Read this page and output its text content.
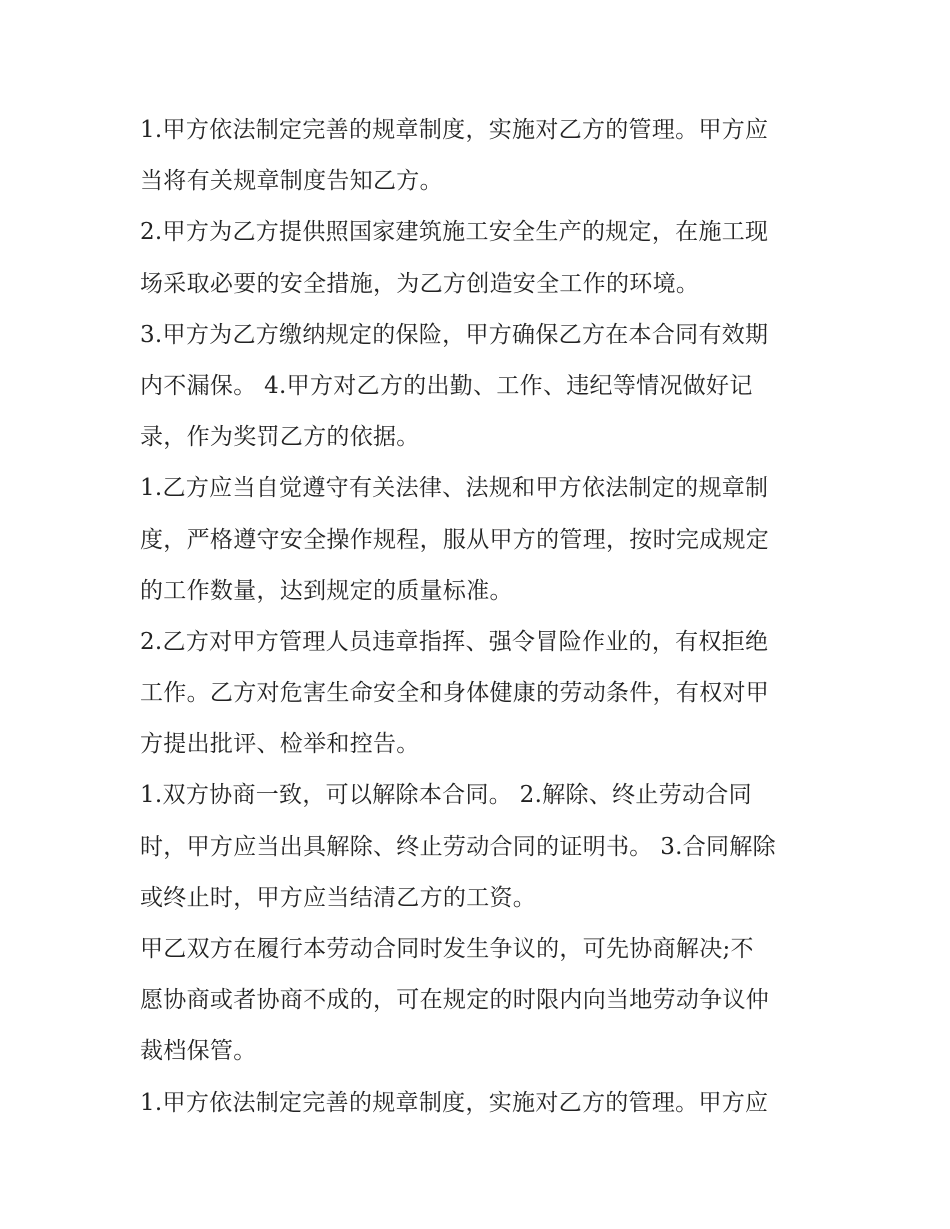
1.甲方依法制定完善的规章制度，实施对乙方的管理。甲方应
当将有关规章制度告知乙方。
2.甲方为乙方提供照国家建筑施工安全生产的规定，在施工现
场采取必要的安全措施，为乙方创造安全工作的环境。
3.甲方为乙方缴纳规定的保险，甲方确保乙方在本合同有效期
内不漏保。 4.甲方对乙方的出勤、工作、违纪等情况做好记
录，作为奖罚乙方的依据。
1.乙方应当自觉遵守有关法律、法规和甲方依法制定的规章制
度，严格遵守安全操作规程，服从甲方的管理，按时完成规定
的工作数量，达到规定的质量标准。
2.乙方对甲方管理人员违章指挥、强令冒险作业的，有权拒绝
工作。乙方对危害生命安全和身体健康的劳动条件，有权对甲
方提出批评、检举和控告。
1.双方协商一致，可以解除本合同。 2.解除、终止劳动合同
时，甲方应当出具解除、终止劳动合同的证明书。 3.合同解除
或终止时，甲方应当结清乙方的工资。
甲乙双方在履行本劳动合同时发生争议的，可先协商解决;不
愿协商或者协商不成的，可在规定的时限内向当地劳动争议仲
裁档保管。
1.甲方依法制定完善的规章制度，实施对乙方的管理。甲方应
